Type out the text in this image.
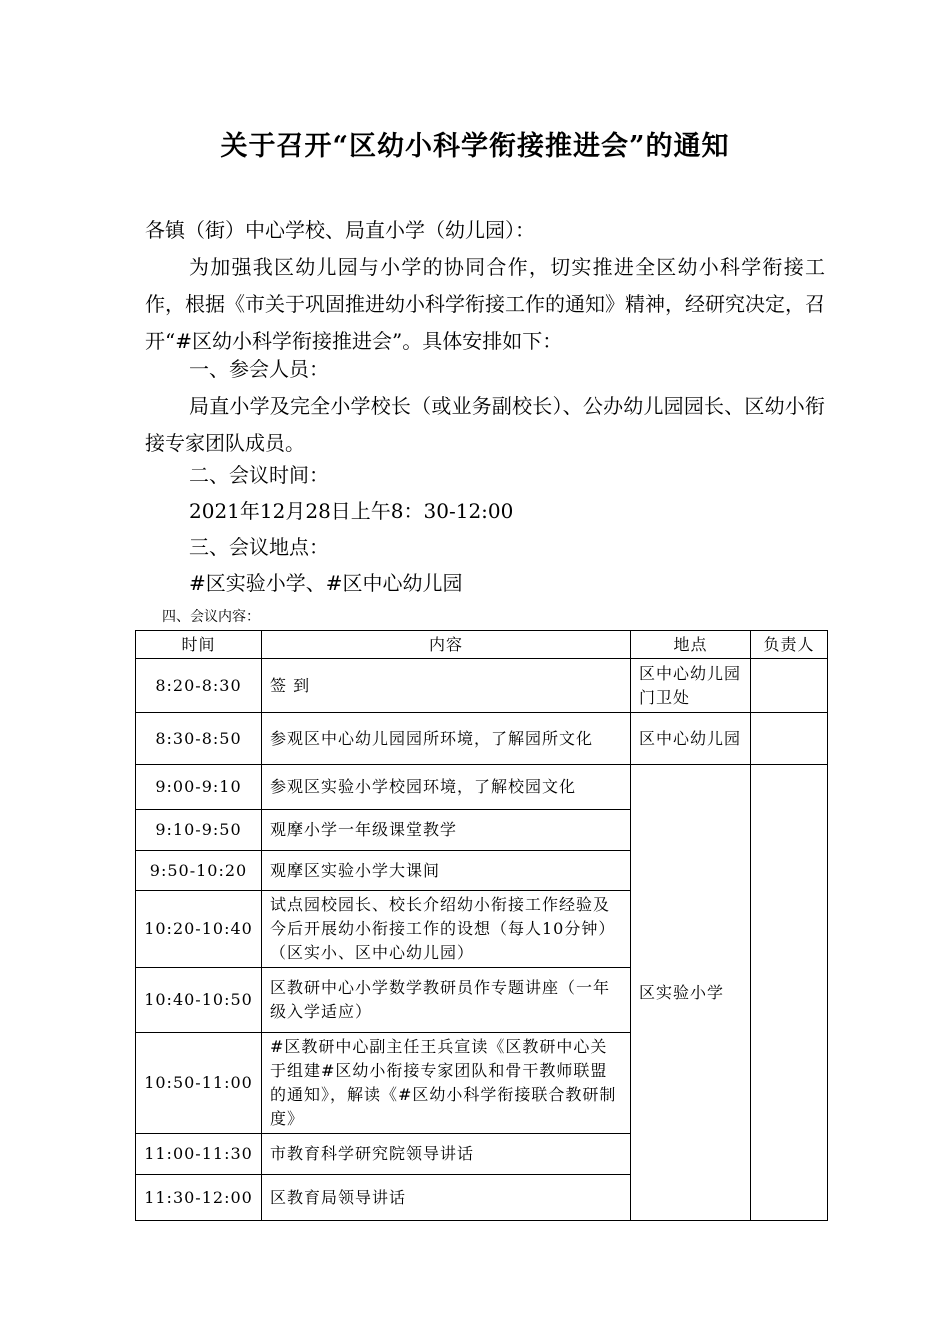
关于召开“区幼小科学衔接推进会”的通知

各镇（街）中心学校、局直小学（幼儿园）：

为加强我区幼儿园与小学的协同合作，切实推进全区幼小科学衔接工作，根据《市关于巩固推进幼小科学衔接工作的通知》精神，经研究决定，召开“#区幼小科学衔接推进会”。具体安排如下：

一、参会人员：

局直小学及完全小学校长（或业务副校长）、公办幼儿园园长、区幼小衔接专家团队成员。

二、会议时间：

2021年12月28日上午8：30-12:00

三、会议地点：

#区实验小学、#区中心幼儿园

四、会议内容：

时间	内容	地点	负责人
8:20-8:30	签 到	区中心幼儿园门卫处	
8:30-8:50	参观区中心幼儿园园所环境，了解园所文化	区中心幼儿园	
9:00-9:10	参观区实验小学校园环境，了解校园文化	区实验小学	
9:10-9:50	观摩小学一年级课堂教学		
9:50-10:20	观摩区实验小学大课间		
10:20-10:40	试点园校园长、校长介绍幼小衔接工作经验及今后开展幼小衔接工作的设想（每人10分钟）（区实小、区中心幼儿园）		
10:40-10:50	区教研中心小学数学教研员作专题讲座（一年级入学适应）		
10:50-11:00	#区教研中心副主任王兵宣读《区教研中心关于组建#区幼小衔接专家团队和骨干教师联盟的通知》，解读《#区幼小科学衔接联合教研制度》		
11:00-11:30	市教育科学研究院领导讲话		
11:30-12:00	区教育局领导讲话		
